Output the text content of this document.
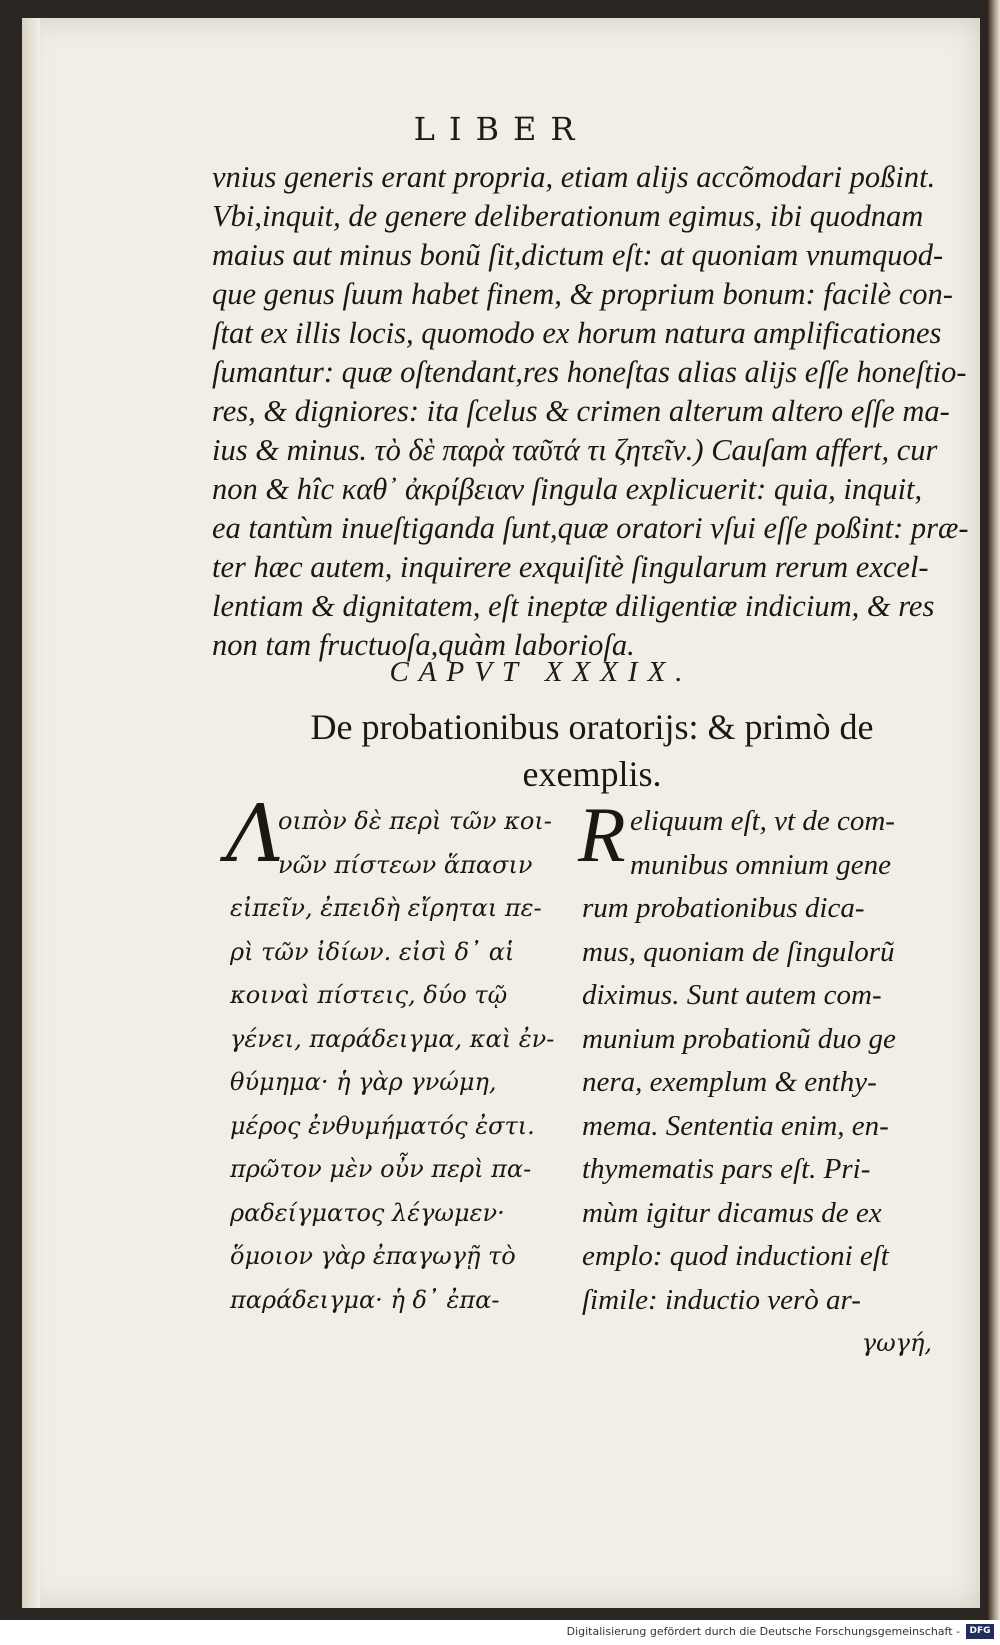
LIBER
vnius generis erant propria, etiam alijs accõmodari poßint.
Vbi,inquit, de genere deliberationum egimus, ibi quodnam
maius aut minus bonũ ſit,dictum eſt: at quoniam vnumquod-
que genus ſuum habet finem, & proprium bonum: facilè con-
ſtat ex illis locis, quomodo ex horum natura amplificationes
ſumantur: quæ oſtendant,res honeſtas alias alijs eſſe honeſtio-
res, & digniores: ita ſcelus & crimen alterum altero eſſe ma-
ius & minus. τὸ δὲ παρὰ ταῦτά τι ζητεῖν.) Cauſam affert, cur
non & hîc καθ᾿ ἀκρίβειαν ſingula explicuerit: quia, inquit,
ea tantùm inueſtiganda ſunt,quæ oratori vſui eſſe poßint: præ-
ter hæc autem, inquirere exquiſitè ſingularum rerum excel-
lentiam & dignitatem, eſt ineptæ diligentiæ indicium, & res
non tam fructuoſa,quàm laborioſa.
CAPVT XXXIX.
De probationibus oratorijs: & primò de
exemplis.
Λ
οιπὸν δὲ περὶ τῶν κοι-
νῶν πίστεων ἅπασιν
εἰπεῖν, ἐπειδὴ εἴρηται πε-
ρὶ τῶν ἰδίων. εἰσὶ δ᾿ αἱ
κοιναὶ πίστεις, δύο τῷ
γένει, παράδειγμα, καὶ ἐν-
θύμημα· ἡ γὰρ γνώμη,
μέρος ἐνθυμήματός ἐστι.
πρῶτον μὲν οὖν περὶ πα-
ραδείγματος λέγωμεν·
ὅμοιον γὰρ ἐπαγωγῇ τὸ
παράδειγμα· ἡ δ᾿ ἐπα-
R eliquum eſt, vt de com-
munibus omnium gene
rum probationibus dica-
mus, quoniam de ſingulorũ
diximus. Sunt autem com-
munium probationũ duo ge
nera, exemplum & enthy-
mema. Sententia enim, en-
thymematis pars eſt. Pri-
mùm igitur dicamus de ex
emplo: quod inductioni eſt
ſimile: inductio verò ar-
γωγή,
Digitalisierung gefördert durch die Deutsche Forschungsgemeinschaft -	DFG
